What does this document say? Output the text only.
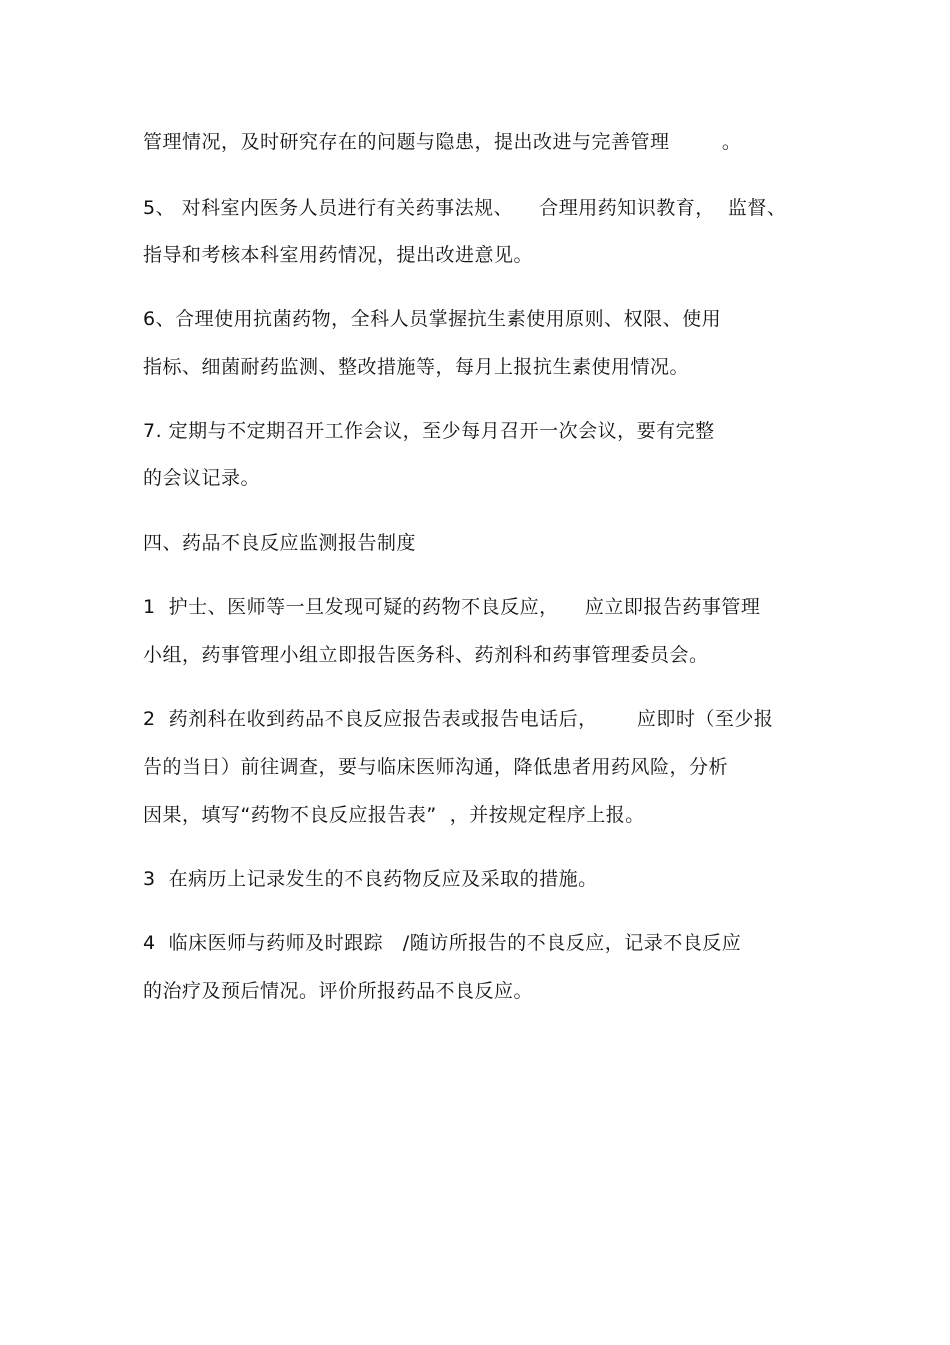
管理情况，及时研究存在的问题与隐患，提出改进与完善管理        。
5、 对科室内医务人员进行有关药事法规、    合理用药知识教育，  监督、
指导和考核本科室用药情况，提出改进意见。
6、合理使用抗菌药物，全科人员掌握抗生素使用原则、权限、使用
指标、细菌耐药监测、整改措施等，每月上报抗生素使用情况。
7. 定期与不定期召开工作会议，至少每月召开一次会议，要有完整
的会议记录。
四、药品不良反应监测报告制度
1  护士、医师等一旦发现可疑的药物不良反应，    应立即报告药事管理
小组，药事管理小组立即报告医务科、药剂科和药事管理委员会。
2  药剂科在收到药品不良反应报告表或报告电话后，      应即时（至少报
告的当日）前往调查，要与临床医师沟通，降低患者用药风险，分析
因果，填写“药物不良反应报告表”  ，并按规定程序上报。
3  在病历上记录发生的不良药物反应及采取的措施。
4  临床医师与药师及时跟踪   /随访所报告的不良反应，记录不良反应
的治疗及预后情况。评价所报药品不良反应。
